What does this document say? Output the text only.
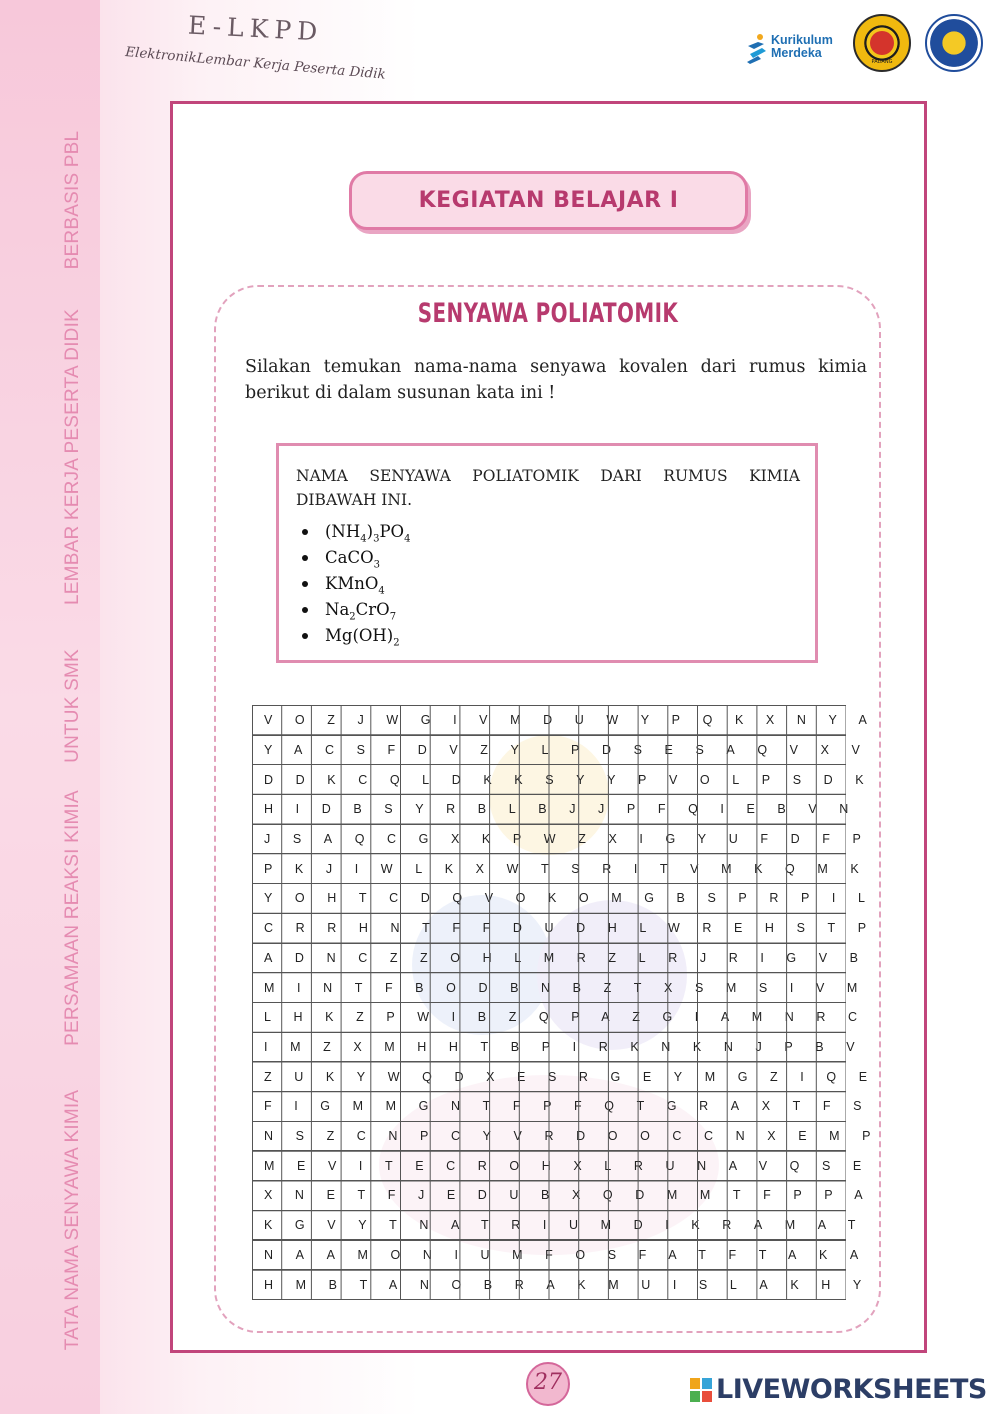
TATA NAMA SENYAWA KIMIA
PERSAMAAN REAKSI KIMIA
UNTUK SMK
LEMBAR KERJA PESERTA DIDIK
BERBASIS PBL
E-LKPD
ElektronikLembar Kerja Peserta Didik
Kurikulum
Merdeka
PADANG	UNP
KEGIATAN BELAJAR I
SENYAWA POLIATOMIK
Silakan temukan nama-nama senyawa kovalen dari rumus kimia berikut di dalam susunan kata ini !
NAMA SENYAWA POLIATOMIK DARI RUMUS KIMIA DIBAWAH INI.
$(NH_4)_3PO_4$
CaCO$_3$
KMnO$_4$
$Na_2CrO_7$
$Mg(OH)_2$
VOZJWGIVMDUWYPQKXNYA
YACSFDVZYLPDSESAQVXV
DDKCQLDKKSYYPVOLPSDK
HIDBSYRBLBJJPFQIEBVN
JSAQCGXKPWZXIGYUFDFP
PKJIWLKXWTSRITVMKQMK
YOHTCDQVOKOMGBSPRPIL
CRRHNTFFDUDHLWREHSTP
ADNCZZOHLMRZLRJRIGVB
MINTFBODBNBZTXSMSIVM
LHKZPWIBZQPAZGIAMNRC
IMZXMHHTBPIRKNKNJPBV
ZUKYWQDXESRGEYMGZIQE
FIGMMGNTFPFQTGRAXTFS
NSZCNPCYVRDOOCCNXEMP
MEVITECROHXLRUNAVQSE
XNETFJEDUBXQDMMTFPPA
KGVYTNATRIUMDIKRAMAT
NAAMONIUMFOSFATFTAKA
HMBTANOBRAKMUISLAKHY
27	LIVEWORKSHEETS
